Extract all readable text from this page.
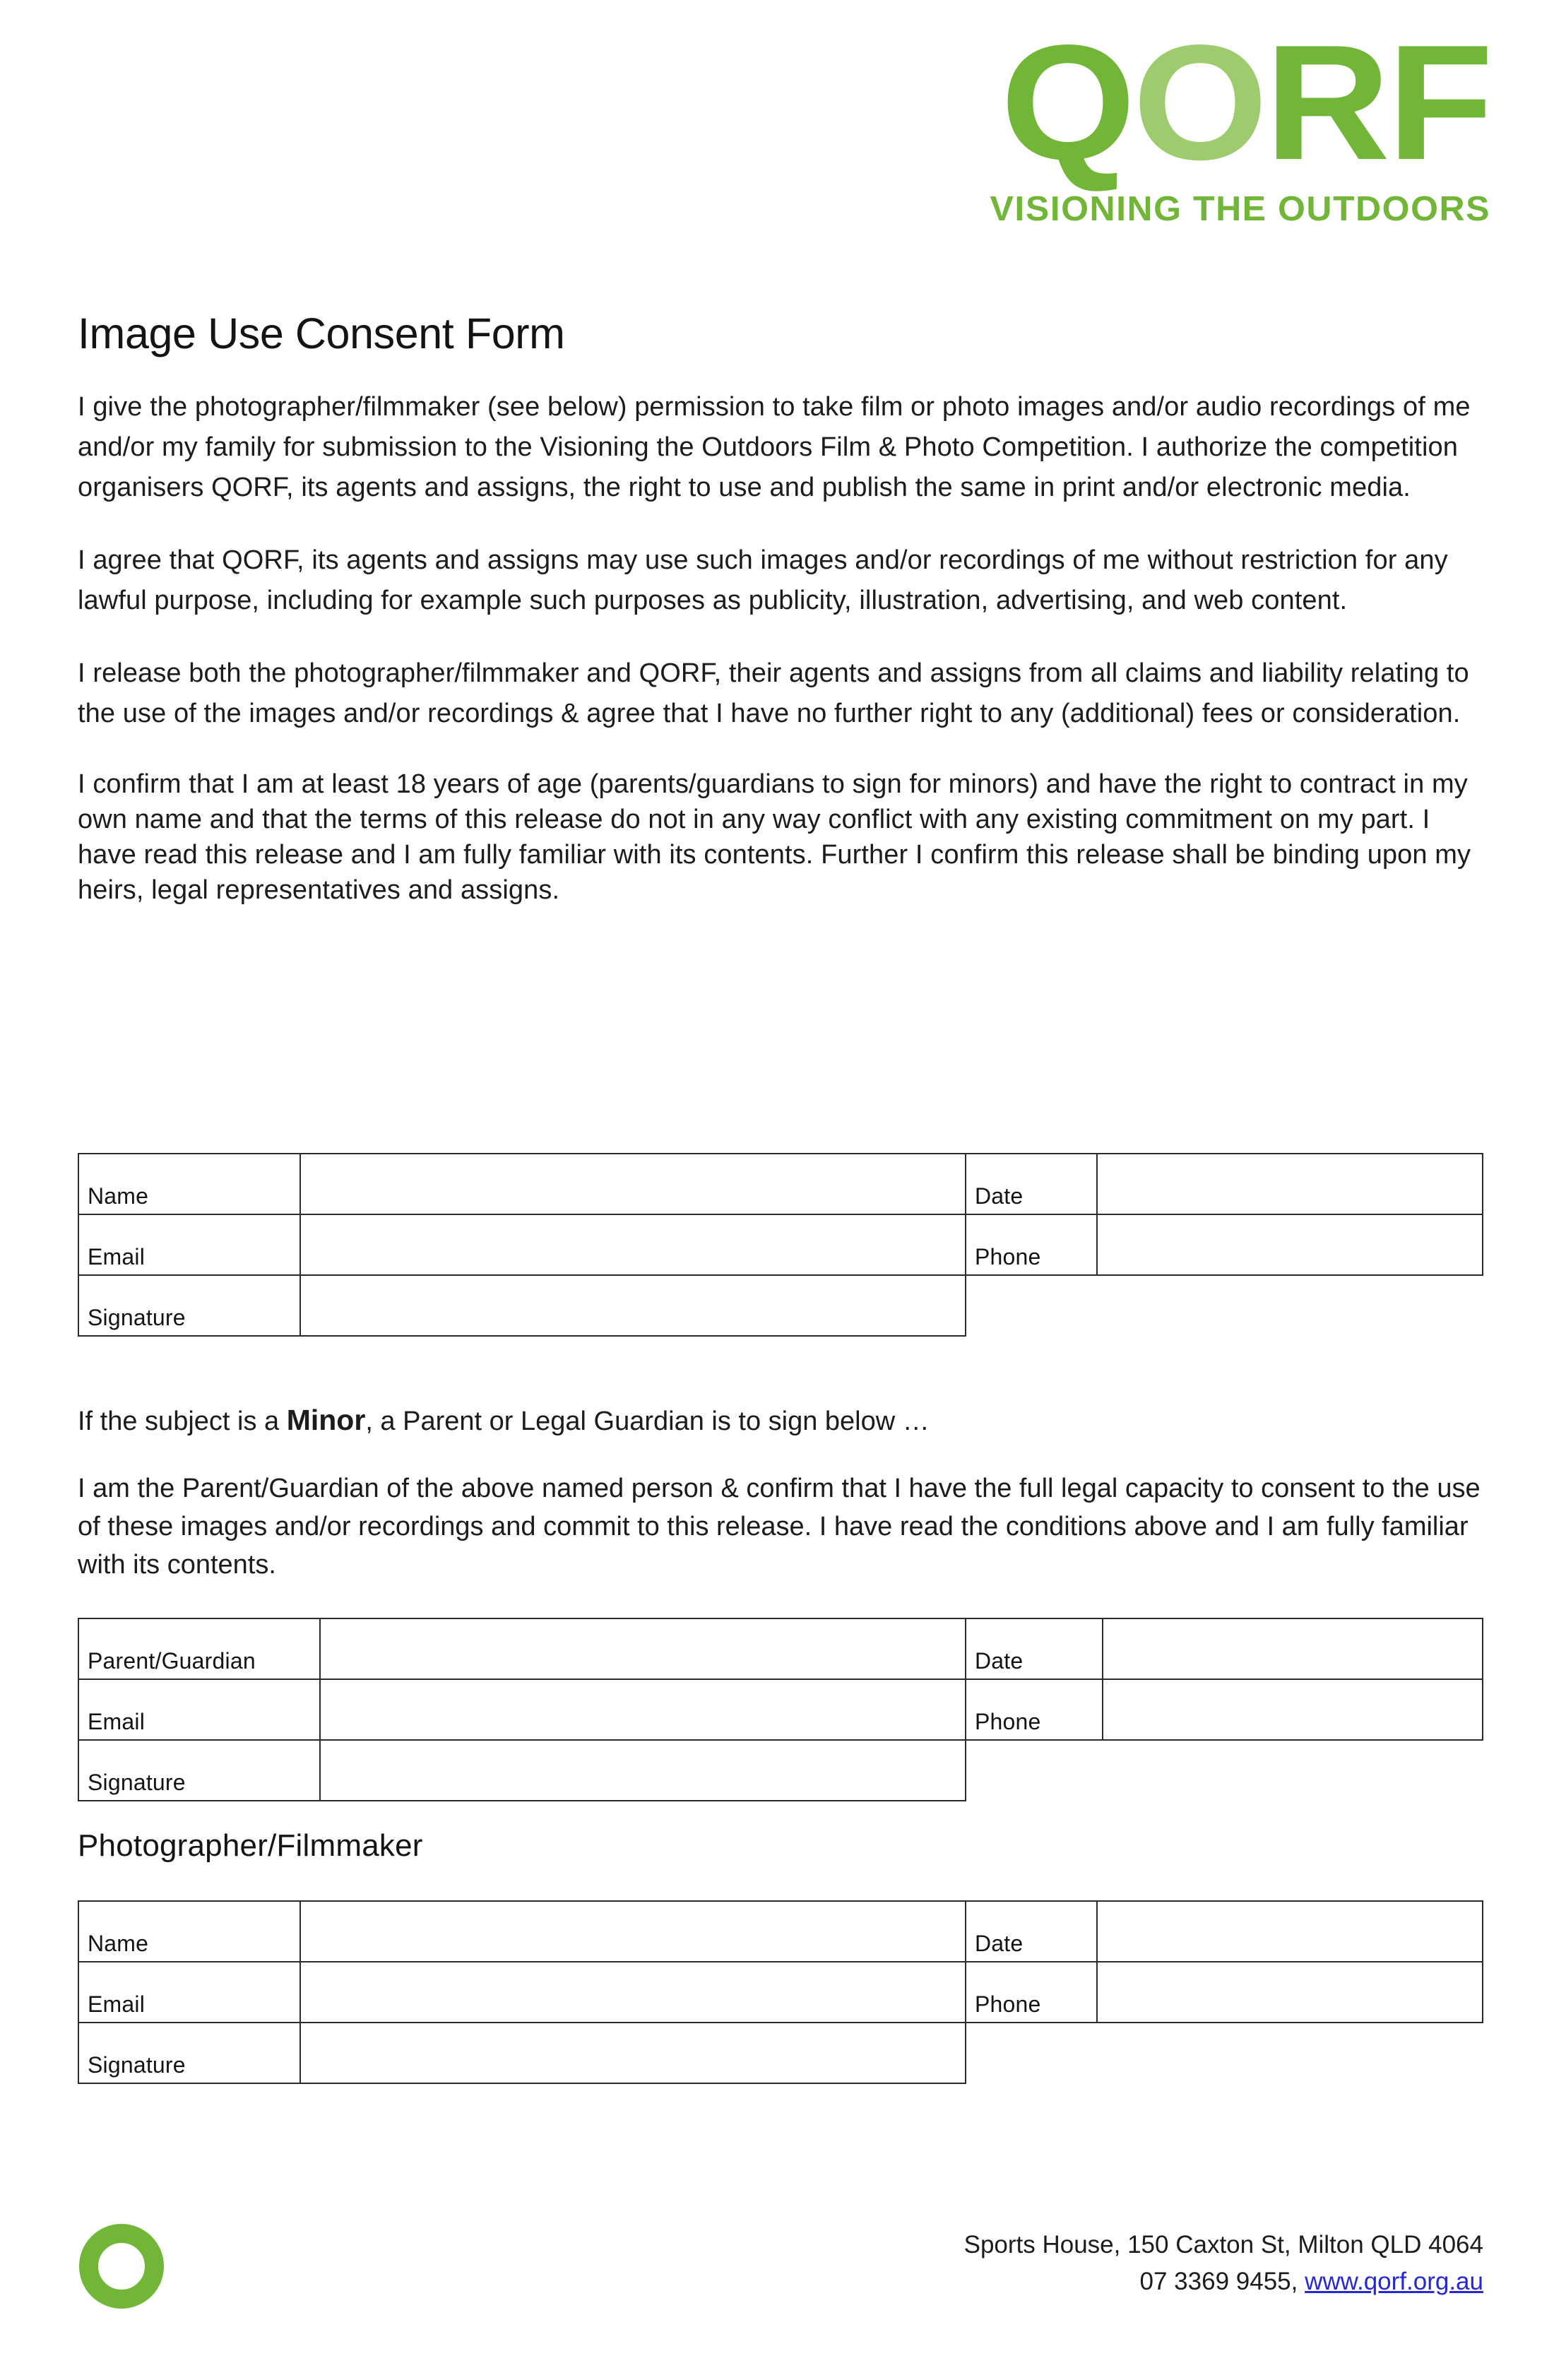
QORF
VISIONING THE OUTDOORS
Image Use Consent Form

I give the photographer/filmmaker (see below) permission to take film or photo images and/or audio recordings of me and/or my family for submission to the Visioning the Outdoors Film & Photo Competition. I authorize the competition organisers QORF, its agents and assigns, the right to use and publish the same in print and/or electronic media.

I agree that QORF, its agents and assigns may use such images and/or recordings of me without restriction for any lawful purpose, including for example such purposes as publicity, illustration, advertising, and web content.

I release both the photographer/filmmaker and QORF, their agents and assigns from all claims and liability relating to the use of the images and/or recordings & agree that I have no further right to any (additional) fees or consideration.

I confirm that I am at least 18 years of age (parents/guardians to sign for minors) and have the right to contract in my own name and that the terms of this release do not in any way conflict with any existing commitment on my part. I have read this release and I am fully familiar with its contents. Further I confirm this release shall be binding upon my heirs, legal representatives and assigns.

Name		Date	
Email		Phone	
Signature			
If the subject is a Minor, a Parent or Legal Guardian is to sign below …

I am the Parent/Guardian of the above named person & confirm that I have the full legal capacity to consent to the use of these images and/or recordings and commit to this release. I have read the conditions above and I am fully familiar with its contents.

Parent/Guardian		Date	
Email		Phone	
Signature			
Photographer/Filmmaker
Name		Date	
Email		Phone	
Signature			
Sports House, 150 Caxton St, Milton QLD 4064
07 3369 9455, www.qorf.org.au
